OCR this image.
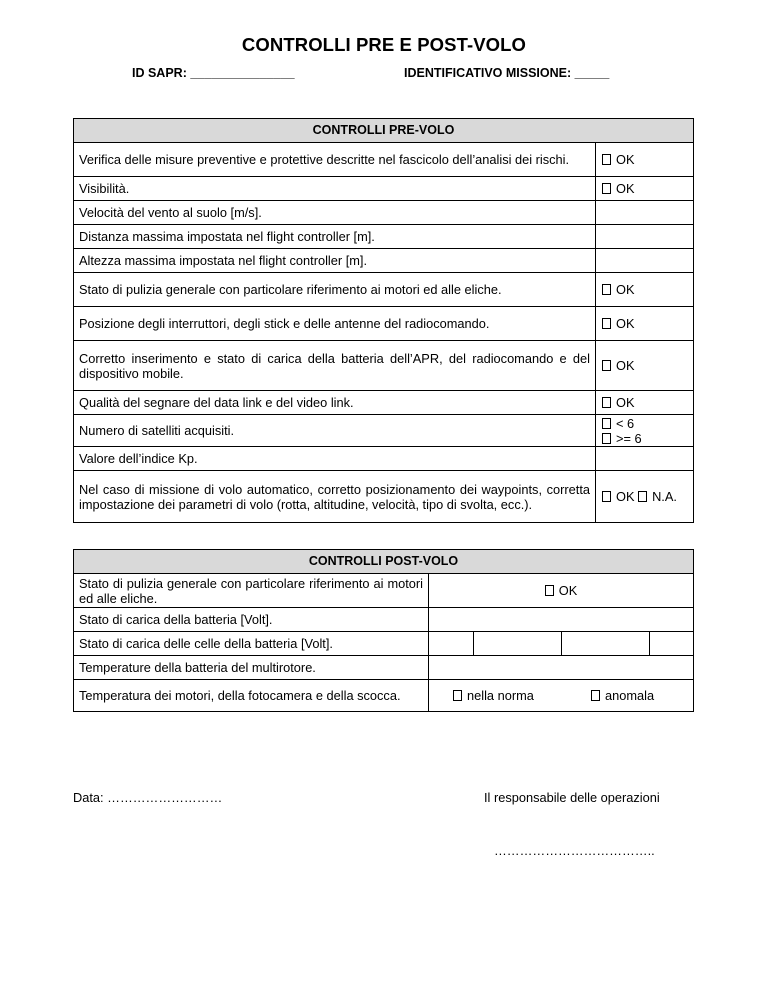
CONTROLLI PRE E POST-VOLO
ID SAPR: _______________	IDENTIFICATIVO MISSIONE: _____
CONTROLLI PRE-VOLO	
Verifica delle misure preventive e protettive descritte nel fascicolo dell’analisi dei rischi.	OK
Visibilità.	OK
Velocità del vento al suolo [m/s].	
Distanza massima impostata nel flight controller [m].	
Altezza massima impostata nel flight controller [m].	
Stato di pulizia generale con particolare riferimento ai motori ed alle eliche.	OK
Posizione degli interruttori, degli stick e delle antenne del radiocomando.	OK
Corretto inserimento e stato di carica della batteria dell’APR, del radiocomando e del dispositivo mobile.	OK
Qualità del segnare del data link e del video link.	OK
Numero di satelliti acquisiti.	< 6
>= 6

Valore dell’indice Kp.	
Nel caso di missione di volo automatico, corretto posizionamento dei waypoints, corretta impostazione dei parametri di volo (rotta, altitudine, velocità, tipo di svolta, ecc.).	OK N.A.
CONTROLLI POST-VOLO
Stato di pulizia generale con particolare riferimento ai motori ed alle eliche.	OK
Stato di carica della batteria [Volt].	
Stato di carica delle celle della batteria [Volt].	

Temperature della batteria del multirotore.	
Temperatura dei motori, della fotocamera e della scocca.	nella norma	anomala
Data: ………………………	Il responsabile delle operazioni
………………………………..
